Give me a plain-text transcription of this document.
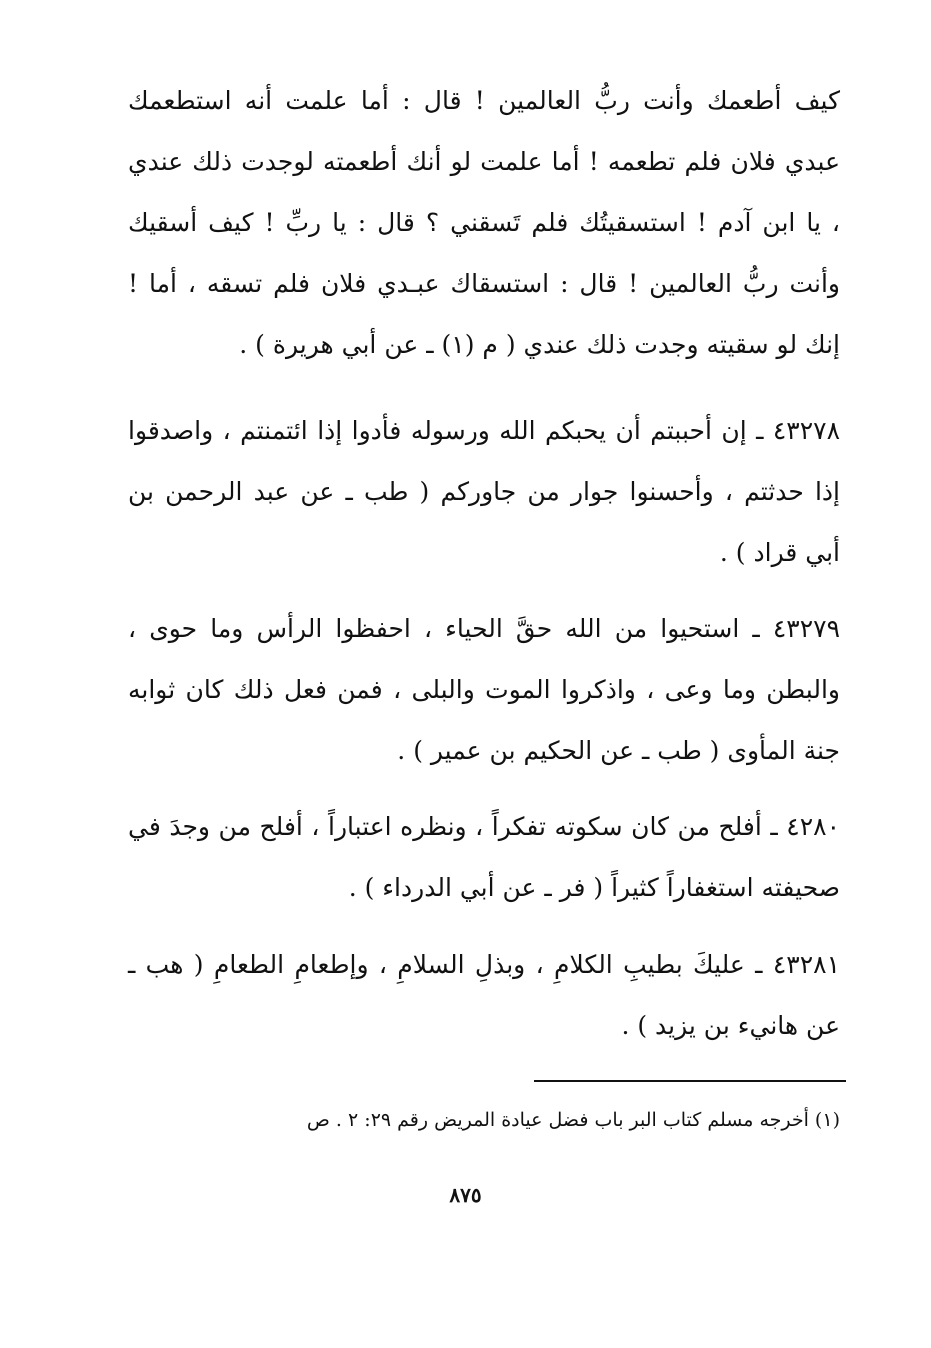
كيف أطعمك وأنت ربُّ العالمين ! قال : أما علمت أنه استطعمك عبدي فلان فلم تطعمه ! أما علمت لو أنك أطعمته لوجدت ذلك عندي ، يا ابن آدم ! استسقيتُك فلم تَسقني ؟ قال : يا ربِّ ! كيف أسقيك وأنت ربُّ العالمين ! قال : استسقاك عبـدي فلان فلم تسقه ، أما ! إنك لو سقيته وجدت ذلك عندي ( م (١) ـ عن أبي هريرة ) .

٤٣٢٧٨ ـ إن أحببتم أن يحبكم الله ورسوله فأدوا إذا ائتمنتم ، واصدقوا إذا حدثتم ، وأحسنوا جوار من جاوركم ( طب ـ عن عبد الرحمن بن أبي قراد ) .

٤٣٢٧٩ ـ استحيوا من الله حقَّ الحياء ، احفظوا الرأس وما حوى ، والبطن وما وعى ، واذكروا الموت والبلى ، فمن فعل ذلك كان ثوابه جنة المأوى ( طب ـ عن الحكيم بن عمير ) .

٤٢٨٠ ـ أفلح من كان سكوته تفكراً ، ونظره اعتباراً ، أفلح من وجدَ في صحيفته استغفاراً كثيراً ( فر ـ عن أبي الدرداء ) .

٤٣٢٨١ ـ عليكَ بطيبِ الكلامِ ، وبذلِ السلامِ ، وإطعامِ الطعامِ ( هب ـ عن هانيء بن يزيد ) .

(١) أخرجه مسلم كتاب البر باب فضل عيادة المريض رقم ٢٩: ٢ . ص

٨٧٥
